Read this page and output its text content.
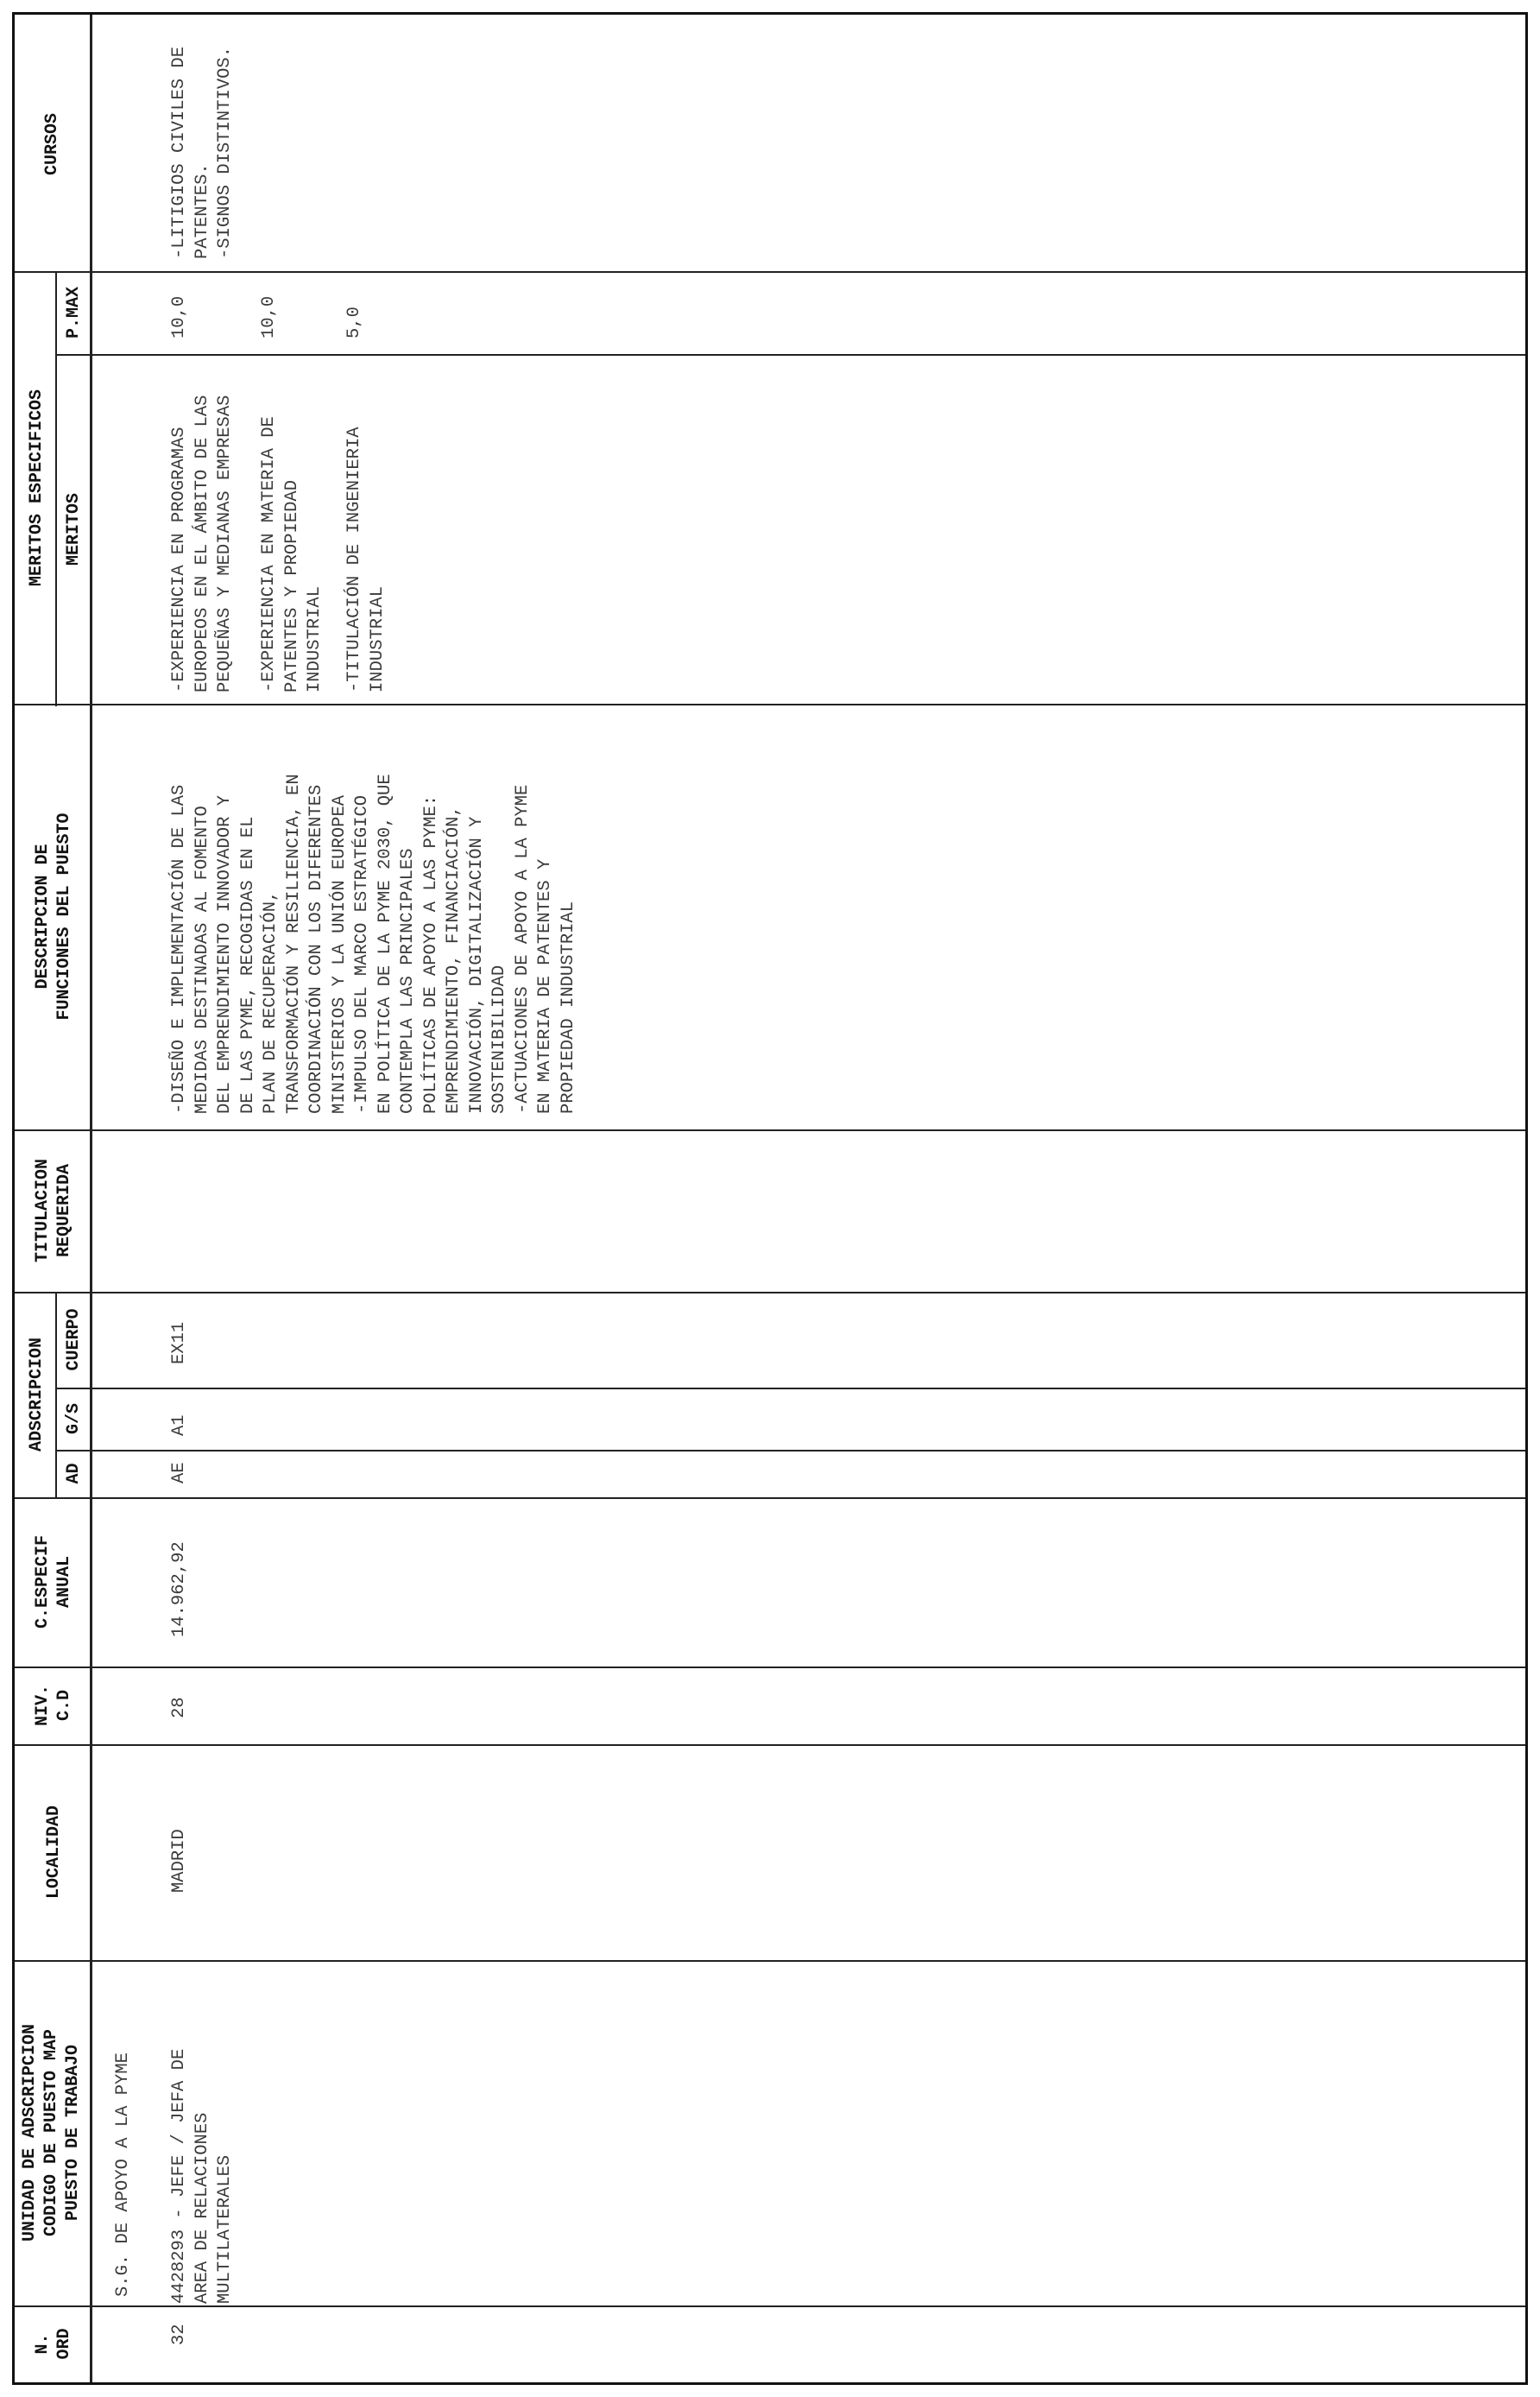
CURSOS
MERITOS ESPECIFICOS
P.MAX
MERITOS
DESCRIPCION DE
FUNCIONES DEL PUESTO
TITULACION
REQUERIDA
ADSCRIPCION	CUERPO
G/S
AD
C.ESPECIF
ANUAL
NIV.
C.D
LOCALIDAD
UNIDAD DE ADSCRIPCION
CODIGO DE PUESTO MAP
PUESTO DE TRABAJO
N.
ORD
S.G. DE APOYO A LA PYME
32
4428293 - JEFE / JEFA DE
AREA DE RELACIONES
MULTILATERALES
MADRID
28
14.962,92
AE
A1
EX11
-DISEÑO E IMPLEMENTACIÓN DE LAS
MEDIDAS DESTINADAS AL FOMENTO
DEL EMPRENDIMIENTO INNOVADOR Y
DE LAS PYME, RECOGIDAS EN EL
PLAN DE RECUPERACIÓN,
TRANSFORMACIÓN Y RESILIENCIA, EN
COORDINACIÓN CON LOS DIFERENTES
MINISTERIOS Y LA UNIÓN EUROPEA
-IMPULSO DEL MARCO ESTRATÉGICO
EN POLÍTICA DE LA PYME 2030, QUE
CONTEMPLA LAS PRINCIPALES
POLÍTICAS DE APOYO A LAS PYME:
EMPRENDIMIENTO, FINANCIACIÓN,
INNOVACIÓN, DIGITALIZACIÓN Y
SOSTENIBILIDAD
-ACTUACIONES DE APOYO A LA PYME
EN MATERIA DE PATENTES Y
PROPIEDAD INDUSTRIAL
-EXPERIENCIA EN PROGRAMAS
EUROPEOS EN EL ÁMBITO DE LAS
PEQUEÑAS Y MEDIANAS EMPRESAS
10,0
-EXPERIENCIA EN MATERIA DE
PATENTES Y PROPIEDAD
INDUSTRIAL
10,0
-TITULACIÓN DE INGENIERIA
INDUSTRIAL
5,0
-LITIGIOS CIVILES DE
PATENTES.
-SIGNOS DISTINTIVOS.
